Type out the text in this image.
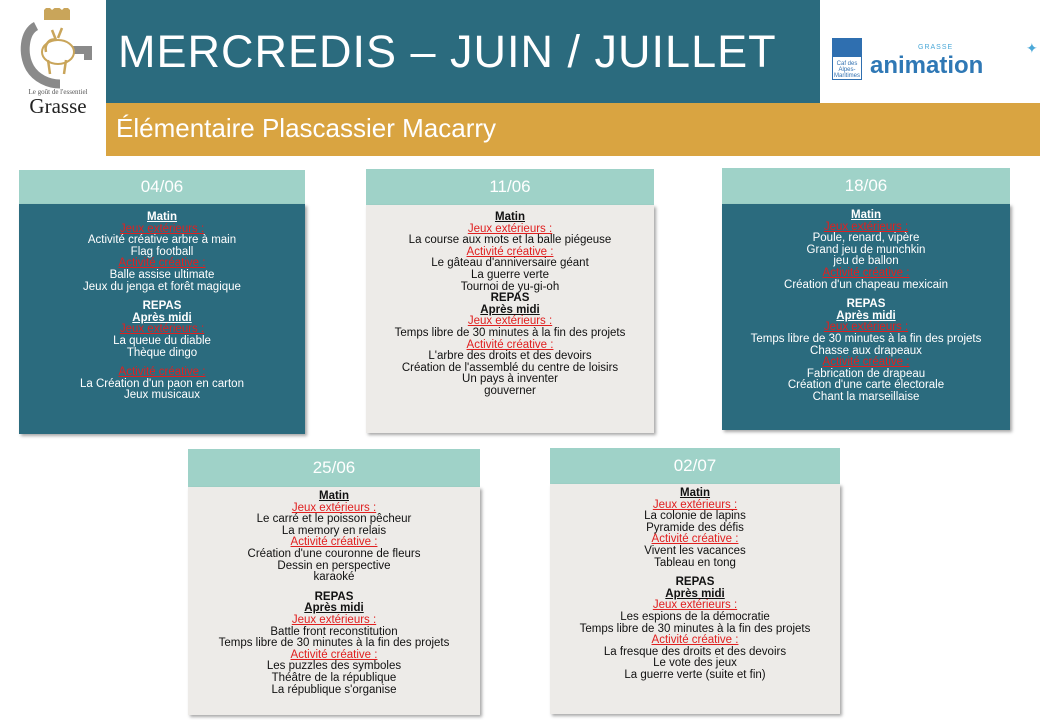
Le goût de l'essentiel
Grasse
MERCREDIS – JUIN / JUILLET
Élémentaire Plascassier Macarry
Caf des Alpes-Maritimes
GRASSE
animation
✦
04/06
Matin
Jeux extérieurs :
Activité créative arbre à main
Flag football
Activité créative :
Balle assise ultimate
Jeux du jenga et forêt magique
REPAS
Après midi
Jeux extérieurs :
La queue du diable
Thèque dingo
Activité créative :
La Création d'un paon en carton
Jeux musicaux
11/06
Matin
Jeux extérieurs :
La course aux mots et la balle piégeuse
Activité créative :
Le gâteau d'anniversaire géant
La guerre verte
Tournoi de yu-gi-oh
REPAS
Après midi
Jeux extérieurs :
Temps libre de 30 minutes à la fin des projets
Activité créative :
L'arbre des droits et des devoirs
Création de l'assemblé du centre de loisirs
Un pays à inventer
gouverner
18/06
Matin
Jeux extérieurs :
Poule, renard, vipère
Grand jeu de munchkin
jeu de ballon
Activité créative :
Création d'un chapeau mexicain
REPAS
Après midi
Jeux extérieurs :
Temps libre de 30 minutes à la fin des projets
Chasse aux drapeaux
Activité créative :
Fabrication de drapeau
Création d'une carte électorale
Chant la marseillaise
25/06
Matin
Jeux extérieurs :
Le carré et le poisson pêcheur
La memory en relais
Activité créative :
Création d'une couronne de fleurs
Dessin en perspective
karaoké
REPAS
Après midi
Jeux extérieurs :
Battle front reconstitution
Temps libre de 30 minutes à la fin des projets
Activité créative :
Les puzzles des symboles
Théâtre de la république
La république s'organise
02/07
Matin
Jeux extérieurs :
La colonie de lapins
Pyramide des défis
Activité créative :
Vivent les vacances
Tableau en tong
REPAS
Après midi
Jeux extérieurs :
Les espions de la démocratie
Temps libre de 30 minutes à la fin des projets
Activité créative :
La fresque des droits et des devoirs
Le vote des jeux
La guerre verte (suite et fin)
